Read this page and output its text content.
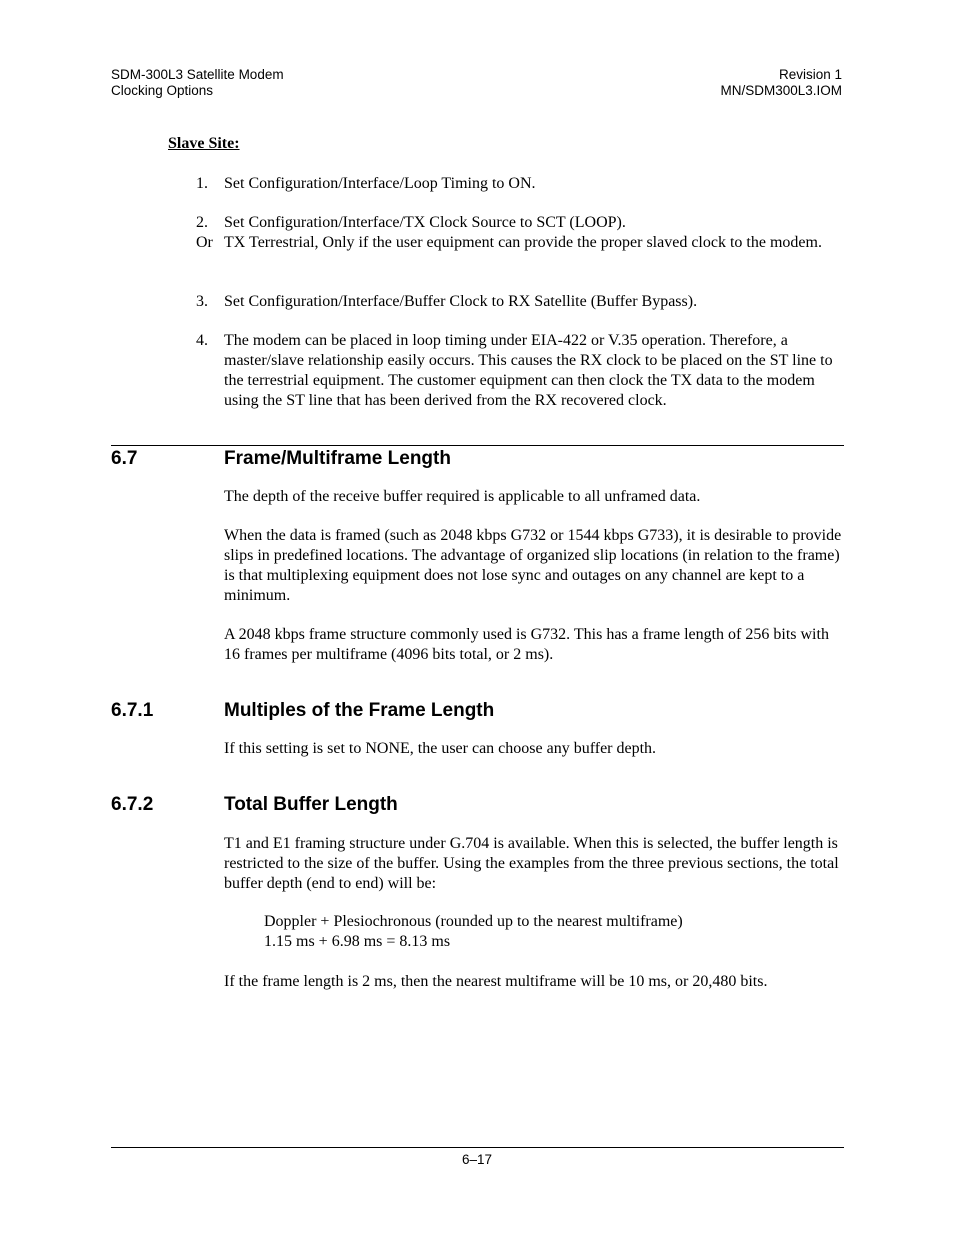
SDM-300L3 Satellite Modem
Clocking Options
Revision 1
MN/SDM300L3.IOM
Slave Site:
1. Set Configuration/Interface/Loop Timing to ON.
2. Set Configuration/Interface/TX Clock Source to SCT (LOOP).
Or TX Terrestrial, Only if the user equipment can provide the proper slaved clock to the modem.
3. Set Configuration/Interface/Buffer Clock to RX Satellite (Buffer Bypass).
4. The modem can be placed in loop timing under EIA-422 or V.35 operation. Therefore, a master/slave relationship easily occurs. This causes the RX clock to be placed on the ST line to the terrestrial equipment. The customer equipment can then clock the TX data to the modem using the ST line that has been derived from the RX recovered clock.
6.7	Frame/Multiframe Length
The depth of the receive buffer required is applicable to all unframed data.
When the data is framed (such as 2048 kbps G732 or 1544 kbps G733), it is desirable to provide slips in predefined locations. The advantage of organized slip locations (in relation to the frame) is that multiplexing equipment does not lose sync and outages on any channel are kept to a minimum.
A 2048 kbps frame structure commonly used is G732. This has a frame length of 256 bits with 16 frames per multiframe (4096 bits total, or 2 ms).
6.7.1	Multiples of the Frame Length
If this setting is set to NONE, the user can choose any buffer depth.
6.7.2	Total Buffer Length
T1 and E1 framing structure under G.704 is available. When this is selected, the buffer length is restricted to the size of the buffer. Using the examples from the three previous sections, the total buffer depth (end to end) will be:
Doppler + Plesiochronous (rounded up to the nearest multiframe)
1.15 ms + 6.98 ms = 8.13 ms
If the frame length is 2 ms, then the nearest multiframe will be 10 ms, or 20,480 bits.
6–17
